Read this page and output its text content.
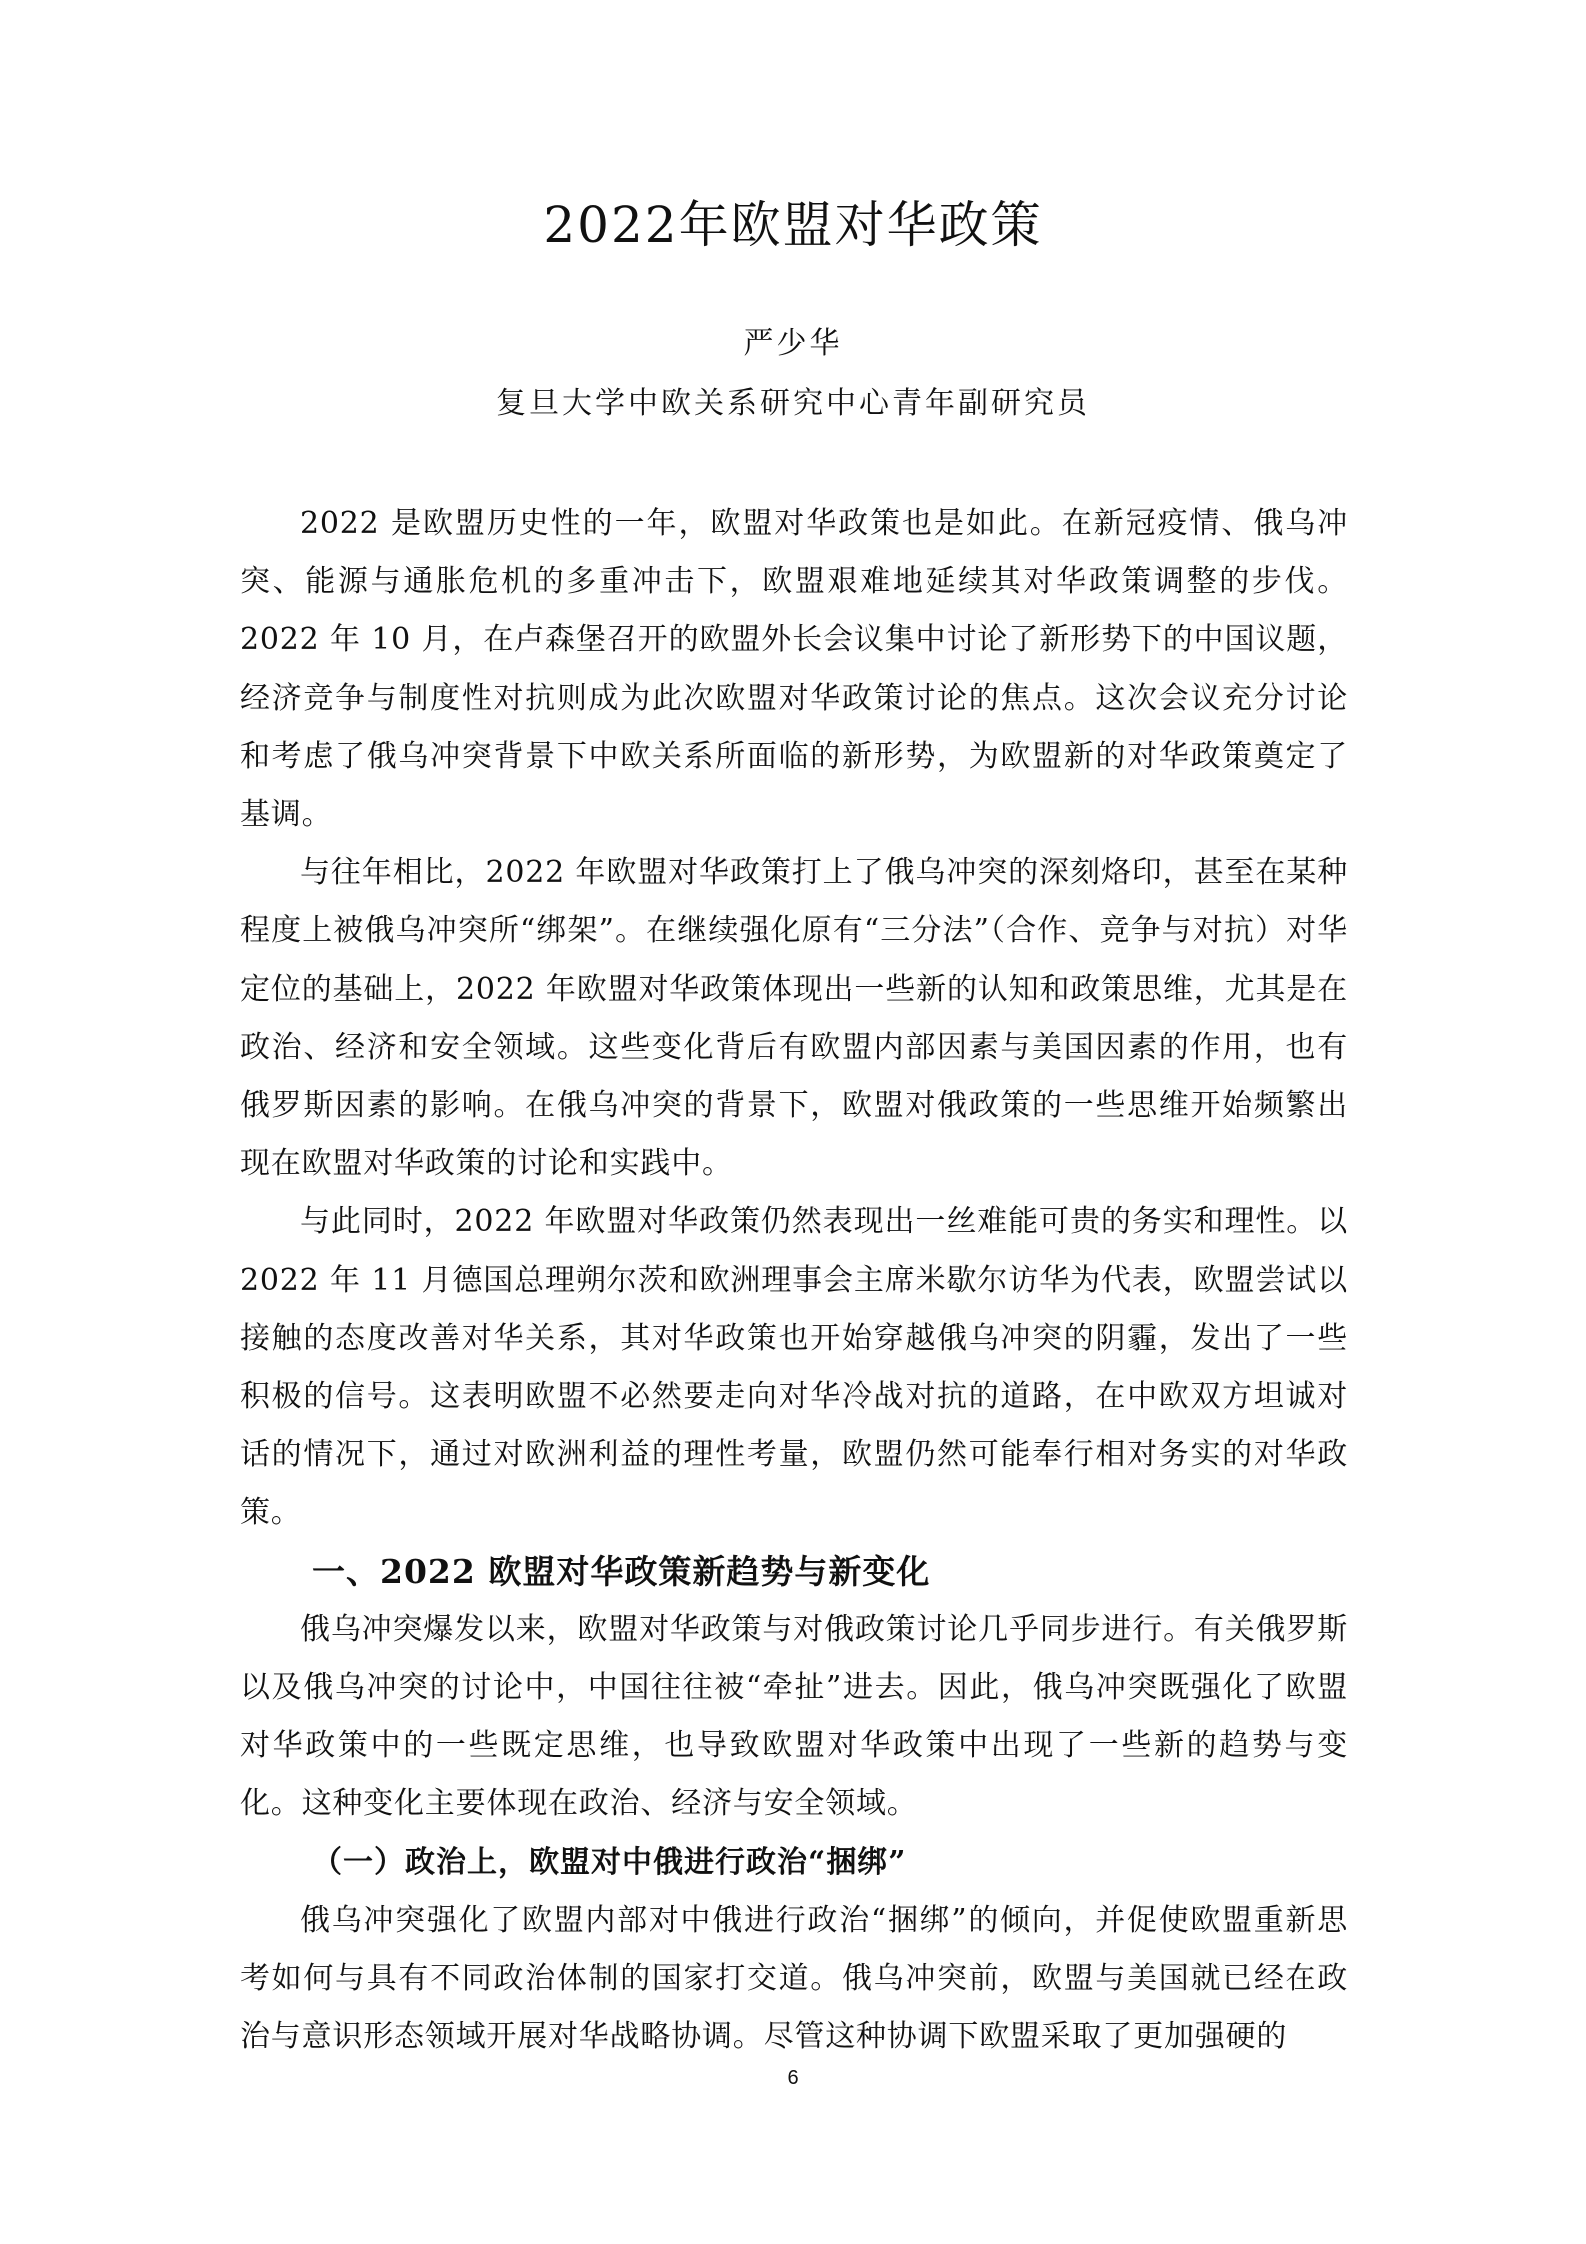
2022年欧盟对华政策
严少华
复旦大学中欧关系研究中心青年副研究员

2022 是欧盟历史性的一年，欧盟对华政策也是如此。在新冠疫情、俄乌冲突、能源与通胀危机的多重冲击下，欧盟艰难地延续其对华政策调整的步伐。2022 年 10 月，在卢森堡召开的欧盟外长会议集中讨论了新形势下的中国议题，经济竞争与制度性对抗则成为此次欧盟对华政策讨论的焦点。这次会议充分讨论和考虑了俄乌冲突背景下中欧关系所面临的新形势，为欧盟新的对华政策奠定了基调。

与往年相比，2022 年欧盟对华政策打上了俄乌冲突的深刻烙印，甚至在某种程度上被俄乌冲突所“绑架”。在继续强化原有“三分法”（合作、竞争与对抗）对华定位的基础上，2022 年欧盟对华政策体现出一些新的认知和政策思维，尤其是在政治、经济和安全领域。这些变化背后有欧盟内部因素与美国因素的作用，也有俄罗斯因素的影响。在俄乌冲突的背景下，欧盟对俄政策的一些思维开始频繁出现在欧盟对华政策的讨论和实践中。

与此同时，2022 年欧盟对华政策仍然表现出一丝难能可贵的务实和理性。以 2022 年 11 月德国总理朔尔茨和欧洲理事会主席米歇尔访华为代表，欧盟尝试以接触的态度改善对华关系，其对华政策也开始穿越俄乌冲突的阴霾，发出了一些积极的信号。这表明欧盟不必然要走向对华冷战对抗的道路，在中欧双方坦诚对话的情况下，通过对欧洲利益的理性考量，欧盟仍然可能奉行相对务实的对华政策。

一、2022 欧盟对华政策新趋势与新变化

俄乌冲突爆发以来，欧盟对华政策与对俄政策讨论几乎同步进行。有关俄罗斯以及俄乌冲突的讨论中，中国往往被“牵扯”进去。因此，俄乌冲突既强化了欧盟对华政策中的一些既定思维，也导致欧盟对华政策中出现了一些新的趋势与变化。这种变化主要体现在政治、经济与安全领域。

（一）政治上，欧盟对中俄进行政治“捆绑”

俄乌冲突强化了欧盟内部对中俄进行政治“捆绑”的倾向，并促使欧盟重新思考如何与具有不同政治体制的国家打交道。俄乌冲突前，欧盟与美国就已经在政治与意识形态领域开展对华战略协调。尽管这种协调下欧盟采取了更加强硬的

6
